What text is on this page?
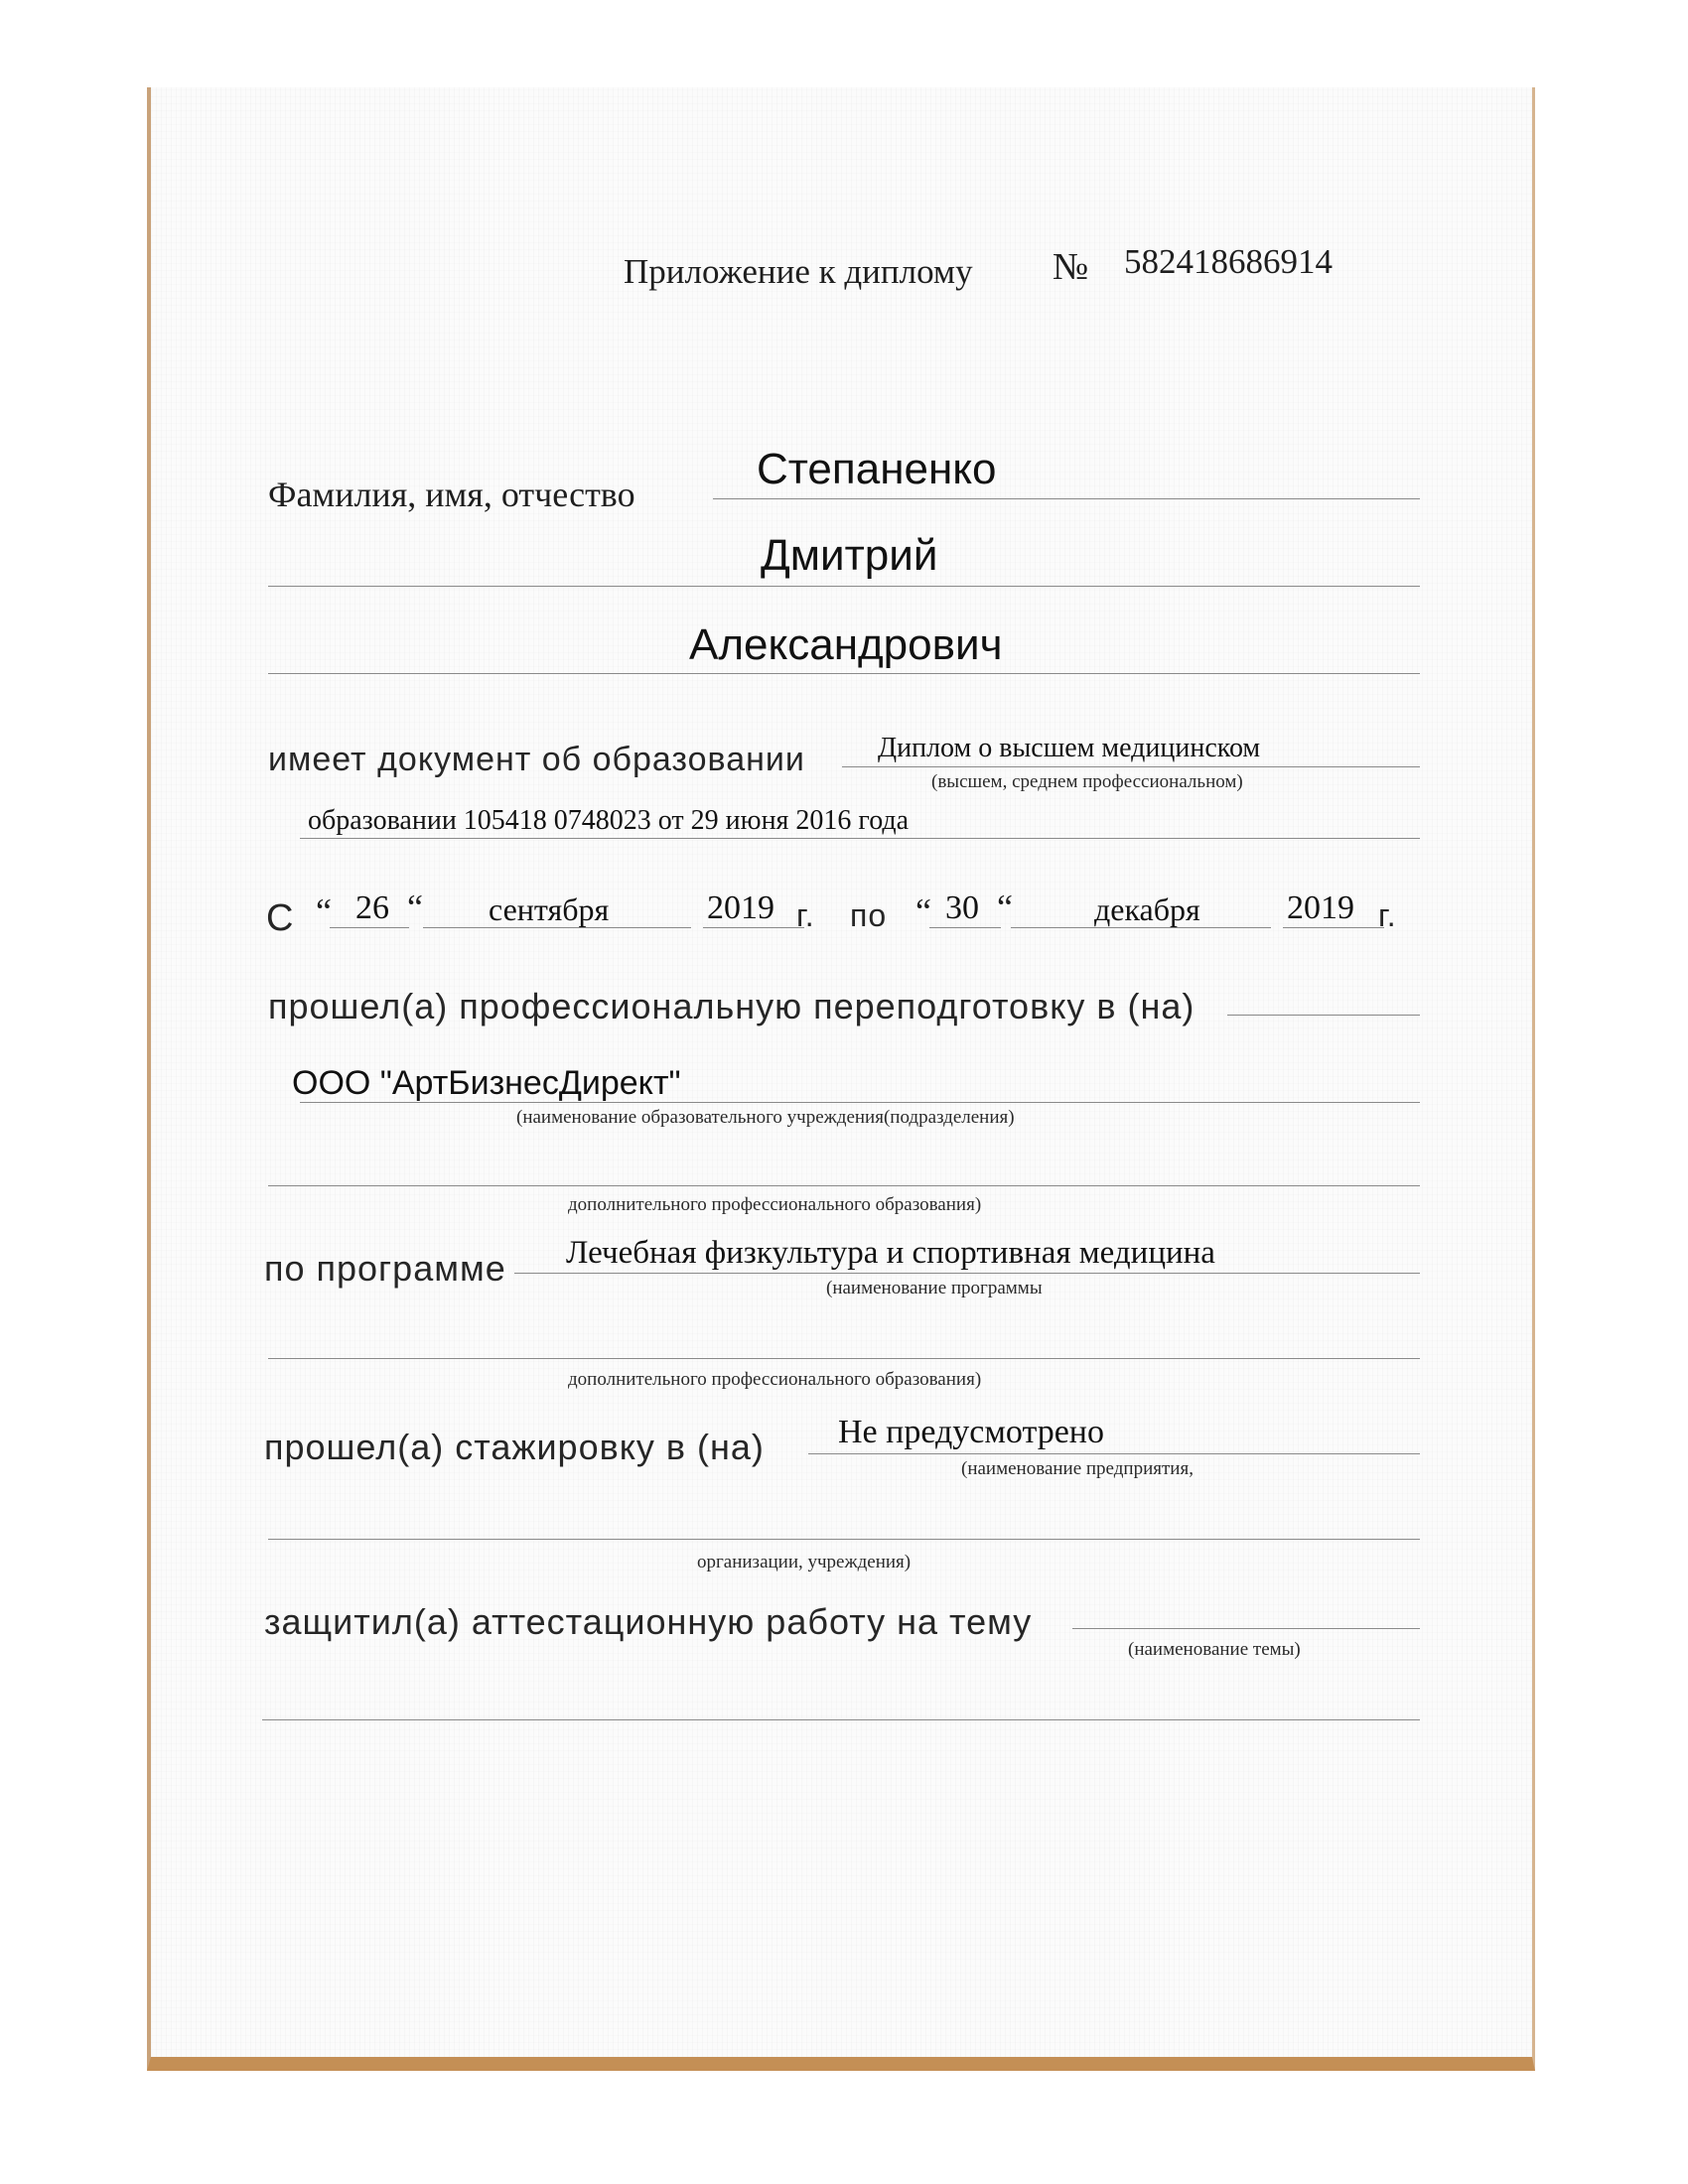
Приложение к диплому № 582418686914
Фамилия, имя, отчество
Степаненко
Дмитрий
Александрович
имеет документ об образовании	Диплом о высшем медицинском
(высшем, среднем профессиональном)
образовании 105418 0748023 от 29 июня 2016 года
С “ 26 “ сентября	2019 г. по “ 30 “	декабря	2019 г.
прошел(а) профессиональную переподготовку в (на)
ООО "АртБизнесДирект"
(наименование образовательного учреждения(подразделения)
дополнительного профессионального образования)
по программе Лечебная физкультура и спортивная медицина
(наименование программы
дополнительного профессионального образования)
прошел(а) стажировку в (на) Не предусмотрено
(наименование предприятия,
организации, учреждения)
защитил(а) аттестационную работу на тему
(наименование темы)
